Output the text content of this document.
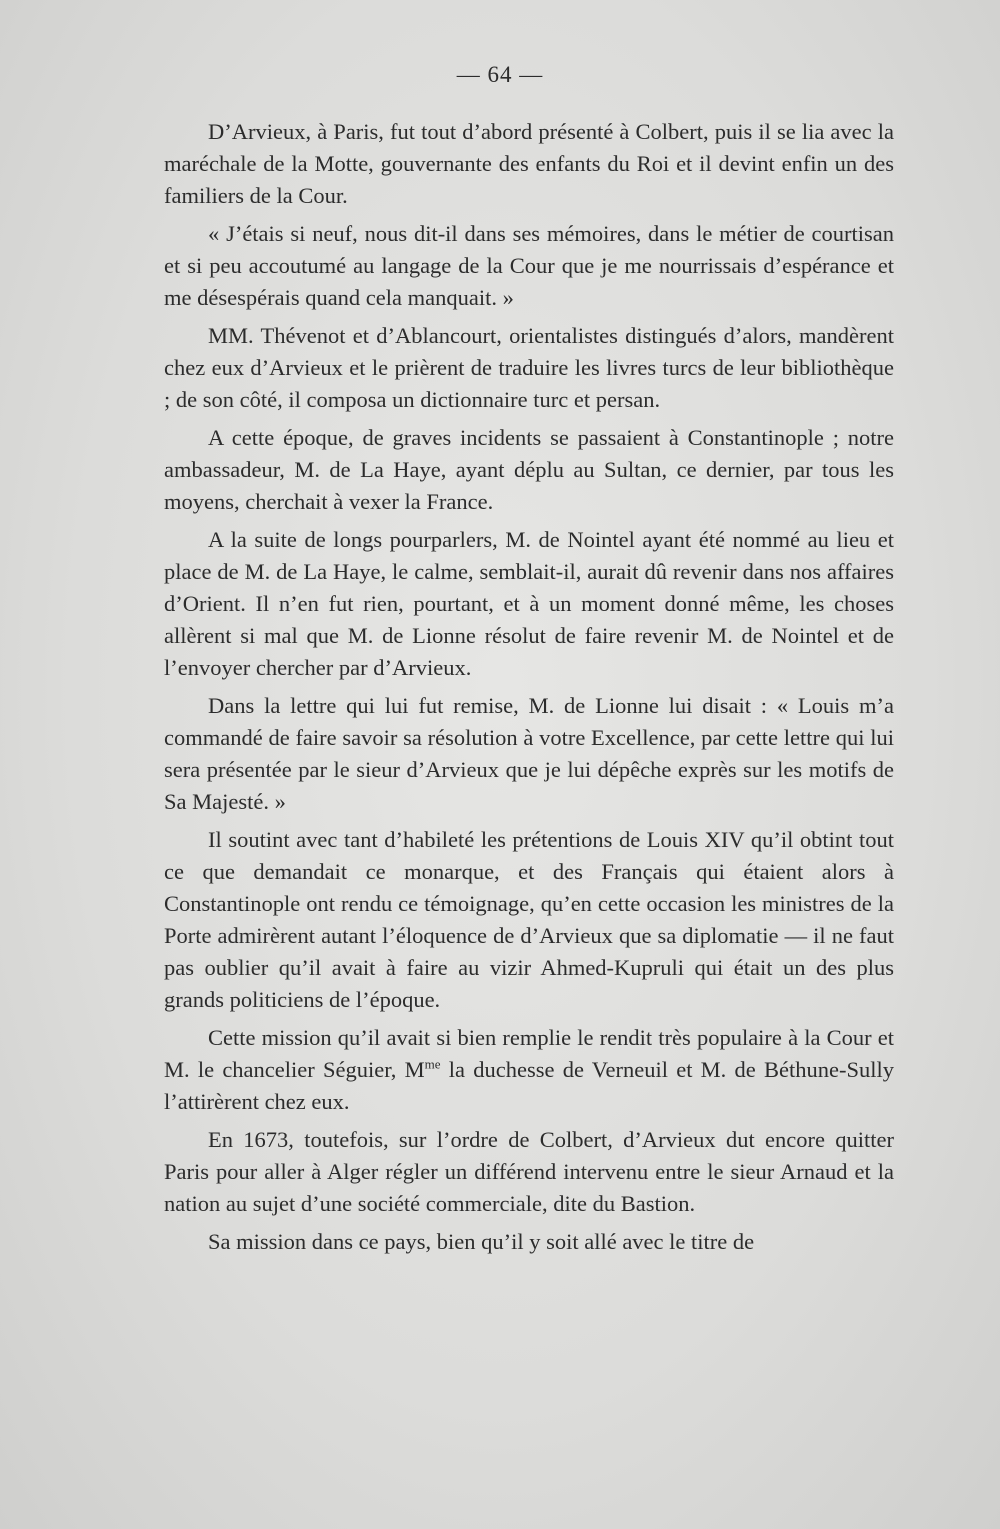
— 64 —

D’Arvieux, à Paris, fut tout d’abord présenté à Colbert, puis il se lia avec la maréchale de la Motte, gouvernante des enfants du Roi et il devint enfin un des familiers de la Cour.

« J’étais si neuf, nous dit-il dans ses mémoires, dans le métier de courtisan et si peu accoutumé au langage de la Cour que je me nourrissais d’espérance et me désespérais quand cela manquait. »

MM. Thévenot et d’Ablancourt, orientalistes distingués d’alors, mandèrent chez eux d’Arvieux et le prièrent de traduire les livres turcs de leur bibliothèque ; de son côté, il composa un dictionnaire turc et persan.

A cette époque, de graves incidents se passaient à Constantinople ; notre ambassadeur, M. de La Haye, ayant déplu au Sultan, ce dernier, par tous les moyens, cherchait à vexer la France.

A la suite de longs pourparlers, M. de Nointel ayant été nommé au lieu et place de M. de La Haye, le calme, semblait-il, aurait dû revenir dans nos affaires d’Orient. Il n’en fut rien, pourtant, et à un moment donné même, les choses allèrent si mal que M. de Lionne résolut de faire revenir M. de Nointel et de l’envoyer chercher par d’Arvieux.

Dans la lettre qui lui fut remise, M. de Lionne lui disait : « Louis m’a commandé de faire savoir sa résolution à votre Excellence, par cette lettre qui lui sera présentée par le sieur d’Arvieux que je lui dépêche exprès sur les motifs de Sa Majesté. »

Il soutint avec tant d’habileté les prétentions de Louis XIV qu’il obtint tout ce que demandait ce monarque, et des Français qui étaient alors à Constantinople ont rendu ce témoignage, qu’en cette occasion les ministres de la Porte admirèrent autant l’éloquence de d’Arvieux que sa diplomatie — il ne faut pas oublier qu’il avait à faire au vizir Ahmed-Kupruli qui était un des plus grands politiciens de l’époque.

Cette mission qu’il avait si bien remplie le rendit très populaire à la Cour et M. le chancelier Séguier, $M^{me}$ la duchesse de Verneuil et M. de Béthune-Sully l’attirèrent chez eux.

En 1673, toutefois, sur l’ordre de Colbert, d’Arvieux dut encore quitter Paris pour aller à Alger régler un différend intervenu entre le sieur Arnaud et la nation au sujet d’une société commerciale, dite du Bastion.

Sa mission dans ce pays, bien qu’il y soit allé avec le titre de
